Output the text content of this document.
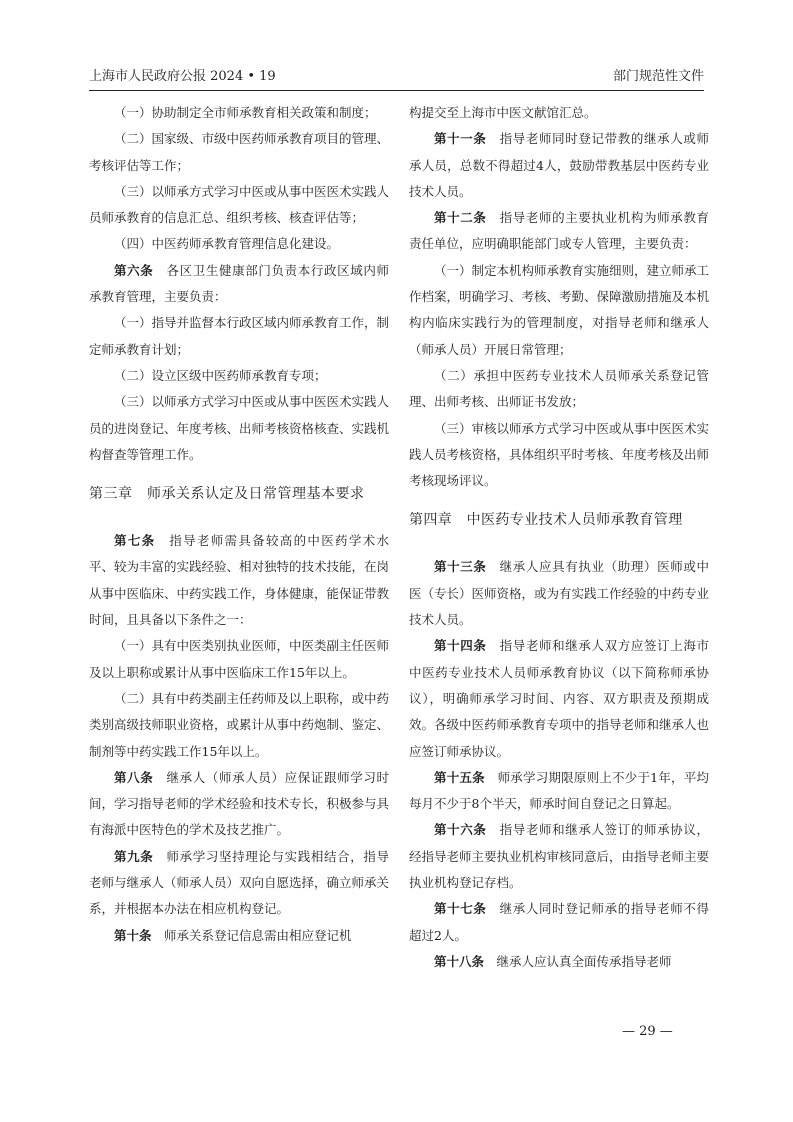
上海市人民政府公报 2024 • 19	部门规范性文件

（一）协助制定全市师承教育相关政策和制度；

（二）国家级、市级中医药师承教育项目的管理、考核评估等工作；

（三）以师承方式学习中医或从事中医医术实践人员师承教育的信息汇总、组织考核、核查评估等；

（四）中医药师承教育管理信息化建设。

第六条　各区卫生健康部门负责本行政区域内师承教育管理，主要负责：

（一）指导并监督本行政区域内师承教育工作，制定师承教育计划；

（二）设立区级中医药师承教育专项；

（三）以师承方式学习中医或从事中医医术实践人员的进岗登记、年度考核、出师考核资格核查、实践机构督查等管理工作。

第三章　师承关系认定及日常管理基本要求

第七条　指导老师需具备较高的中医药学术水平、较为丰富的实践经验、相对独特的技术技能，在岗从事中医临床、中药实践工作，身体健康，能保证带教时间，且具备以下条件之一：

（一）具有中医类别执业医师，中医类副主任医师及以上职称或累计从事中医临床工作15年以上。

（二）具有中药类副主任药师及以上职称，或中药类别高级技师职业资格，或累计从事中药炮制、鉴定、制剂等中药实践工作15年以上。

第八条　继承人（师承人员）应保证跟师学习时间，学习指导老师的学术经验和技术专长，积极参与具有海派中医特色的学术及技艺推广。

第九条　师承学习坚持理论与实践相结合，指导老师与继承人（师承人员）双向自愿选择，确立师承关系，并根据本办法在相应机构登记。

第十条　师承关系登记信息需由相应登记机

构提交至上海市中医文献馆汇总。

第十一条　指导老师同时登记带教的继承人或师承人员，总数不得超过4人，鼓励带教基层中医药专业技术人员。

第十二条　指导老师的主要执业机构为师承教育责任单位，应明确职能部门或专人管理，主要负责：

（一）制定本机构师承教育实施细则，建立师承工作档案，明确学习、考核、考勤、保障激励措施及本机构内临床实践行为的管理制度，对指导老师和继承人（师承人员）开展日常管理；

（二）承担中医药专业技术人员师承关系登记管理、出师考核、出师证书发放；

（三）审核以师承方式学习中医或从事中医医术实践人员考核资格，具体组织平时考核、年度考核及出师考核现场评议。

第四章　中医药专业技术人员师承教育管理

第十三条　继承人应具有执业（助理）医师或中医（专长）医师资格，或为有实践工作经验的中药专业技术人员。

第十四条　指导老师和继承人双方应签订上海市中医药专业技术人员师承教育协议（以下简称师承协议），明确师承学习时间、内容、双方职责及预期成效。各级中医药师承教育专项中的指导老师和继承人也应签订师承协议。

第十五条　师承学习期限原则上不少于1年，平均每月不少于8个半天，师承时间自登记之日算起。

第十六条　指导老师和继承人签订的师承协议，经指导老师主要执业机构审核同意后，由指导老师主要执业机构登记存档。

第十七条　继承人同时登记师承的指导老师不得超过2人。

第十八条　继承人应认真全面传承指导老师

— 29 —
